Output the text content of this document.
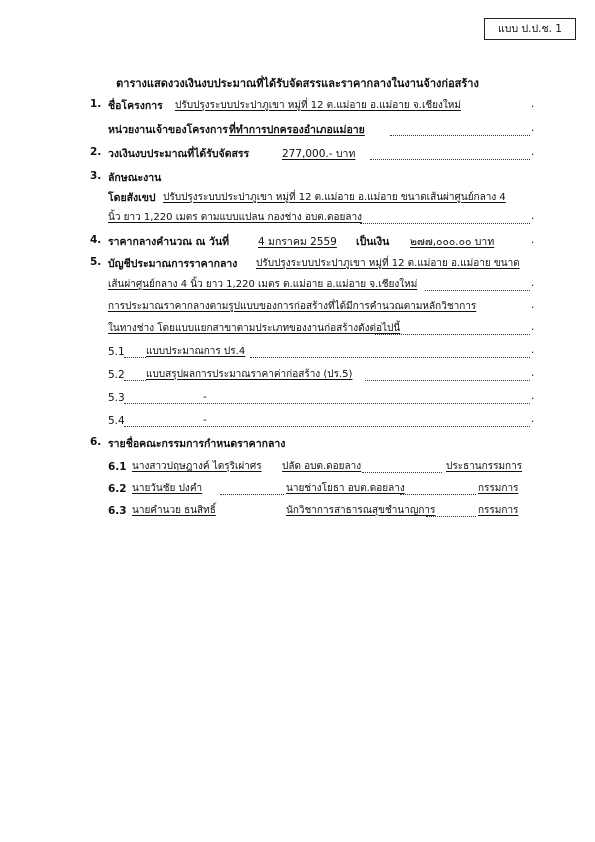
แบบ ป.ป.ช. 1
ตารางแสดงวงเงินงบประมาณที่ได้รับจัดสรรและราคากลางในงานจ้างก่อสร้าง
1. ชื่อโครงการ ปรับปรุงระบบประปาภูเขา หมู่ที่ 12 ต.แม่อาย อ.แม่อาย จ.เชียงใหม่	.
หน่วยงานเจ้าของโครงการ ที่ทำการปกครองอำเภอแม่อาย	.
2. วงเงินงบประมาณที่ได้รับจัดสรร	277,000.- บาท	.
3. ลักษณะงาน
โดยสังเขป ปรับปรุงระบบประปาภูเขา หมู่ที่ 12 ต.แม่อาย อ.แม่อาย ขนาดเส้นผ่าศูนย์กลาง 4
นิ้ว ยาว 1,220 เมตร ตามแบบแปลน กองช่าง อบต.ดอยลาง	.
4. ราคากลางคำนวณ ณ วันที่	4 มกราคม 2559 เป็นเงิน ๒๗๗,๐๐๐.๐๐ บาท	.
5. บัญชีประมาณการราคากลาง ปรับปรุงระบบประปาภูเขา หมู่ที่ 12 ต.แม่อาย อ.แม่อาย ขนาด
เส้นผ่าศูนย์กลาง 4 นิ้ว ยาว 1,220 เมตร ต.แม่อาย อ.แม่อาย จ.เชียงใหม่	.
การประมาณราคากลางตามรูปแบบของการก่อสร้างที่ได้มีการคำนวณตามหลักวิชาการ	.
ในทางช่าง โดยแบบแยกสาขาตามประเภทของงานก่อสร้างดังต่อไปนี้	.
5.1 แบบประมาณการ ปร.4	.
5.2 แบบสรุปผลการประมาณราคาค่าก่อสร้าง (ปร.5)	.
5.3	-	.
5.4	-	.
6. รายชื่อคณะกรรมการกำหนดราคากลาง
6.1 นางสาวปฤษฎางค์ ไตรุริเผ่าศร ปลัด อบต.ดอยลาง	ประธานกรรมการ
6.2 นายวันชัย ปงคำ	นายช่างโยธา อบต.ดอยลาง	กรรมการ
6.3 นายคำนวย ธนสิทธิ์	นักวิชาการสาธารณสุขชำนาญการ	กรรมการ
